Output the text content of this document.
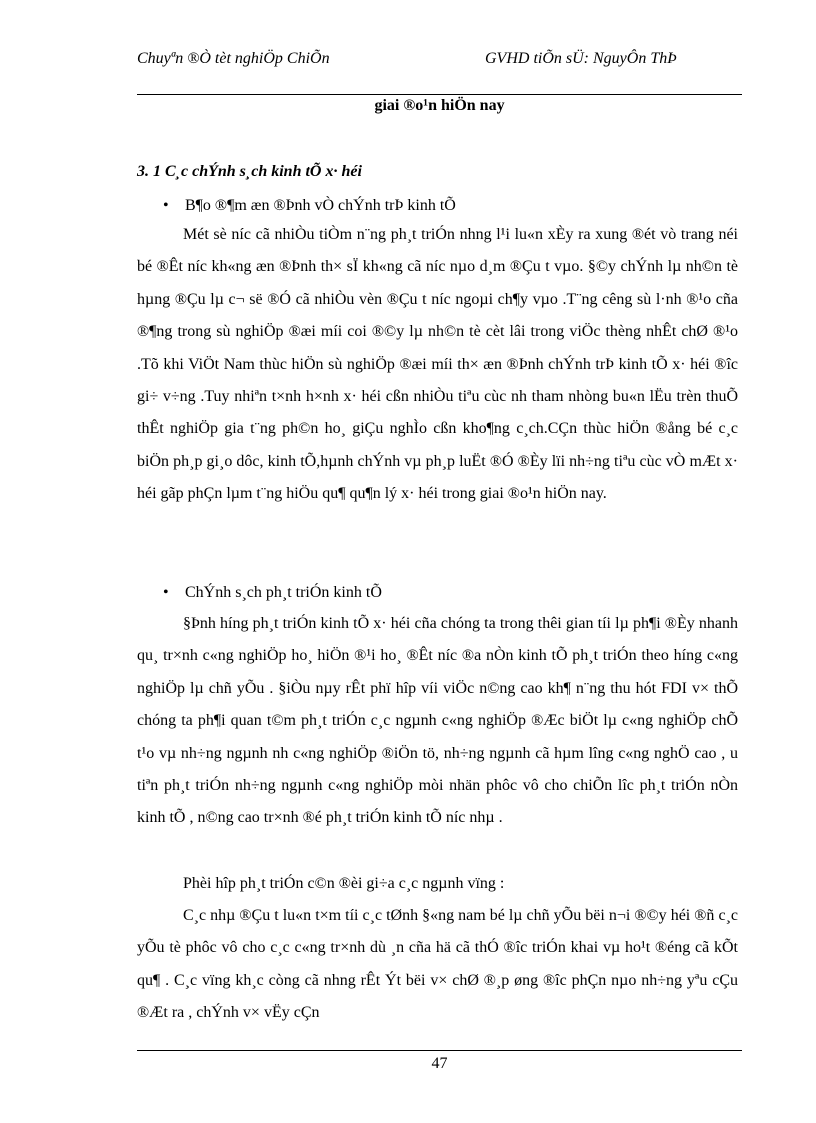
Chuyªn ®Ò tèt nghiÖp ChiÕn	GVHD tiÕn sÜ: NguyÔn ThÞ
giai ®o¹n hiÖn nay
3. 1 C¸c chÝnh s¸ch kinh tÕ x· héi
• B¶o ®¶m æn ®Þnh vÒ chÝnh trÞ kinh tÕ

Mét sè níc cã nhiÒu tiÒm n¨ng ph¸t triÓn nhng l¹i lu«n xÈy ra xung ®ét vò trang néi bé ®Êt níc kh«ng æn ®Þnh th× sÏ kh«ng cã níc nµo d¸m ®Çu t vµo. §©y chÝnh lµ nh©n tè hµng ®Çu lµ c¬ së ®Ó cã nhiÒu vèn ®Çu t níc ngoµi ch¶y vµo .T¨ng cêng sù l·nh ®¹o cña ®¶ng trong sù nghiÖp ®æi míi coi ®©y lµ nh©n tè cèt lâi trong viÖc thèng nhÊt chØ ®¹o .Tõ khi ViÖt Nam thùc hiÖn sù nghiÖp ®æi míi th× æn ®Þnh chÝnh trÞ kinh tÕ x· héi ®îc gi÷ v÷ng .Tuy nhiªn t×nh h×nh x· héi cßn nhiÒu tiªu cùc nh tham nhòng bu«n lËu trèn thuÕ thÊt nghiÖp gia t¨ng ph©n ho¸ giÇu nghÌo cßn kho¶ng c¸ch.CÇn thùc hiÖn ®ång bé c¸c biÖn ph¸p gi¸o dôc, kinh tÕ,hµnh chÝnh vµ ph¸p luËt ®Ó ®Èy lïi nh÷ng tiªu cùc vÒ mÆt x· héi gãp phÇn lµm t¨ng hiÖu qu¶ qu¶n lý x· héi trong giai ®o¹n hiÖn nay.

• ChÝnh s¸ch ph¸t triÓn kinh tÕ

§Þnh híng ph¸t triÓn kinh tÕ x· héi cña chóng ta trong thêi gian tíi lµ ph¶i ®Èy nhanh qu¸ tr×nh c«ng nghiÖp ho¸ hiÖn ®¹i ho¸ ®Êt níc ®a nÒn kinh tÕ ph¸t triÓn theo híng c«ng nghiÖp lµ chñ yÕu . §iÒu nµy rÊt phï hîp víi viÖc n©ng cao kh¶ n¨ng thu hót FDI v× thÕ chóng ta ph¶i quan t©m ph¸t triÓn c¸c ngµnh c«ng nghiÖp ®Æc biÖt lµ c«ng nghiÖp chÕ t¹o vµ nh÷ng ngµnh nh c«ng nghiÖp ®iÖn tö, nh÷ng ngµnh cã hµm lîng c«ng nghÖ cao , u tiªn ph¸t triÓn nh÷ng ngµnh c«ng nghiÖp mòi nhän phôc vô cho chiÕn lîc ph¸t triÓn nÒn kinh tÕ , n©ng cao tr×nh ®é ph¸t triÓn kinh tÕ níc nhµ .

Phèi hîp ph¸t triÓn c©n ®èi gi÷a c¸c ngµnh vïng :

C¸c nhµ ®Çu t lu«n t×m tíi c¸c tØnh §«ng nam bé lµ chñ yÕu bëi n¬i ®©y héi ®ñ c¸c yÕu tè phôc vô cho c¸c c«ng tr×nh dù ¸n cña hä cã thÓ ®îc triÓn khai vµ ho¹t ®éng cã kÕt qu¶ . C¸c vïng kh¸c còng cã nhng rÊt Ýt bëi v× chØ ®¸p øng ®îc phÇn nµo nh÷ng yªu cÇu ®Æt ra , chÝnh v× vËy cÇn

47
